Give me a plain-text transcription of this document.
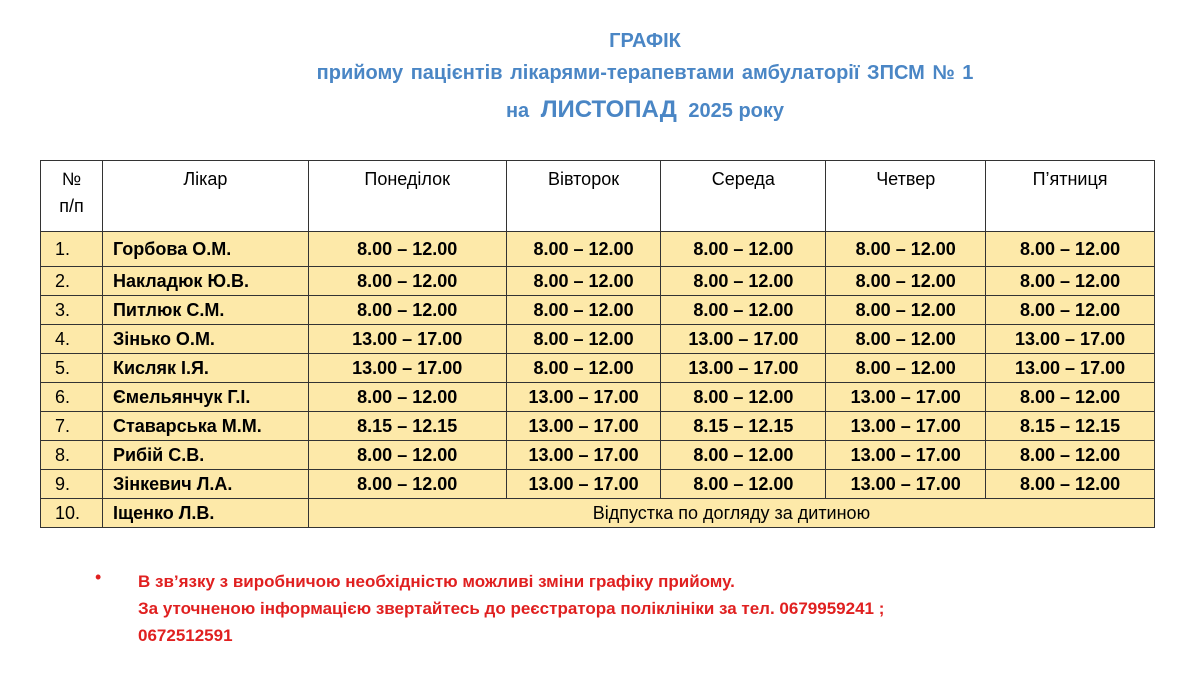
ГРАФІК
прийому пацієнтів лікарями-терапевтами амбулаторії ЗПСМ № 1
на ЛИСТОПАД 2025 року
№
п/п	Лікар	Понеділок	Вівторок	Середа	Четвер	П’ятниця
1.	Горбова О.М.	8.00 – 12.00	8.00 – 12.00	8.00 – 12.00	8.00 – 12.00	8.00 – 12.00
2.	Накладюк Ю.В.	8.00 – 12.00	8.00 – 12.00	8.00 – 12.00	8.00 – 12.00	8.00 – 12.00
3.	Питлюк С.М.	8.00 – 12.00	8.00 – 12.00	8.00 – 12.00	8.00 – 12.00	8.00 – 12.00
4.	Зінько О.М.	13.00 – 17.00	8.00 – 12.00	13.00 – 17.00	8.00 – 12.00	13.00 – 17.00
5.	Кисляк І.Я.	13.00 – 17.00	8.00 – 12.00	13.00 – 17.00	8.00 – 12.00	13.00 – 17.00
6.	Ємельянчук Г.І.	8.00 – 12.00	13.00 – 17.00	8.00 – 12.00	13.00 – 17.00	8.00 – 12.00
7.	Ставарська М.М.	8.15 – 12.15	13.00 – 17.00	8.15 – 12.15	13.00 – 17.00	8.15 – 12.15
8.	Рибій С.В.	8.00 – 12.00	13.00 – 17.00	8.00 – 12.00	13.00 – 17.00	8.00 – 12.00
9.	Зінкевич Л.А.	8.00 – 12.00	13.00 – 17.00	8.00 – 12.00	13.00 – 17.00	8.00 – 12.00
10.	Іщенко Л.В.	Відпустка по догляду за дитиною				
• В зв’язку з виробничою необхідністю можливі зміни графіку прийому.
За уточненою інформацією звертайтесь до реєстратора поліклініки за тел. 0679959241 ;
0672512591
